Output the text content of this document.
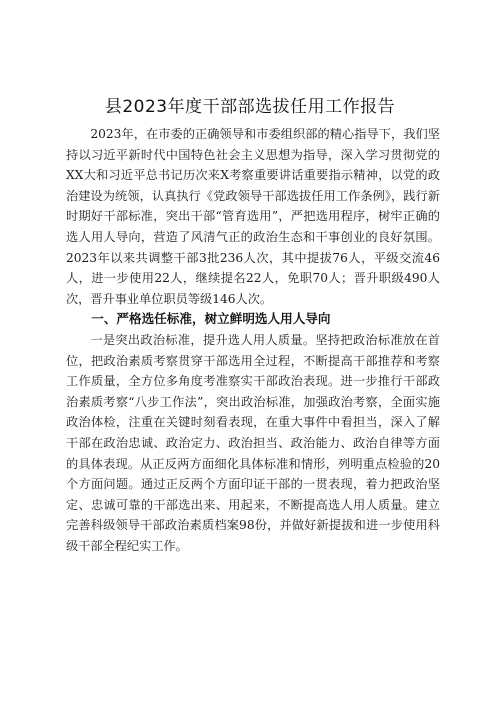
县2023年度干部部选拔任用工作报告

2023年，在市委的正确领导和市委组织部的精心指导下，我们坚持以习近平新时代中国特色社会主义思想为指导，深入学习贯彻党的XX大和习近平总书记历次来X考察重要讲话重要指示精神，以党的政治建设为统领，认真执行《党政领导干部选拔任用工作条例》，践行新时期好干部标准，突出干部“管育选用”，严把选用程序，树牢正确的选人用人导向，营造了风清气正的政治生态和干事创业的良好氛围。2023年以来共调整干部3批236人次，其中提拔76人，平级交流46人，进一步使用22人，继续提名22人，免职70人；晋升职级490人次，晋升事业单位职员等级146人次。

一、严格选任标准，树立鲜明选人用人导向

一是突出政治标准，提升选人用人质量。坚持把政治标准放在首位，把政治素质考察贯穿干部选用全过程，不断提高干部推荐和考察工作质量，全方位多角度考准察实干部政治表现。进一步推行干部政治素质考察“八步工作法”，突出政治标准，加强政治考察，全面实施政治体检，注重在关键时刻看表现，在重大事件中看担当，深入了解干部在政治忠诚、政治定力、政治担当、政治能力、政治自律等方面的具体表现。从正反两方面细化具体标准和情形，列明重点检验的20个方面问题。通过正反两个方面印证干部的一贯表现，着力把政治坚定、忠诚可靠的干部选出来、用起来，不断提高选人用人质量。建立完善科级领导干部政治素质档案98份，并做好新提拔和进一步使用科级干部全程纪实工作。
